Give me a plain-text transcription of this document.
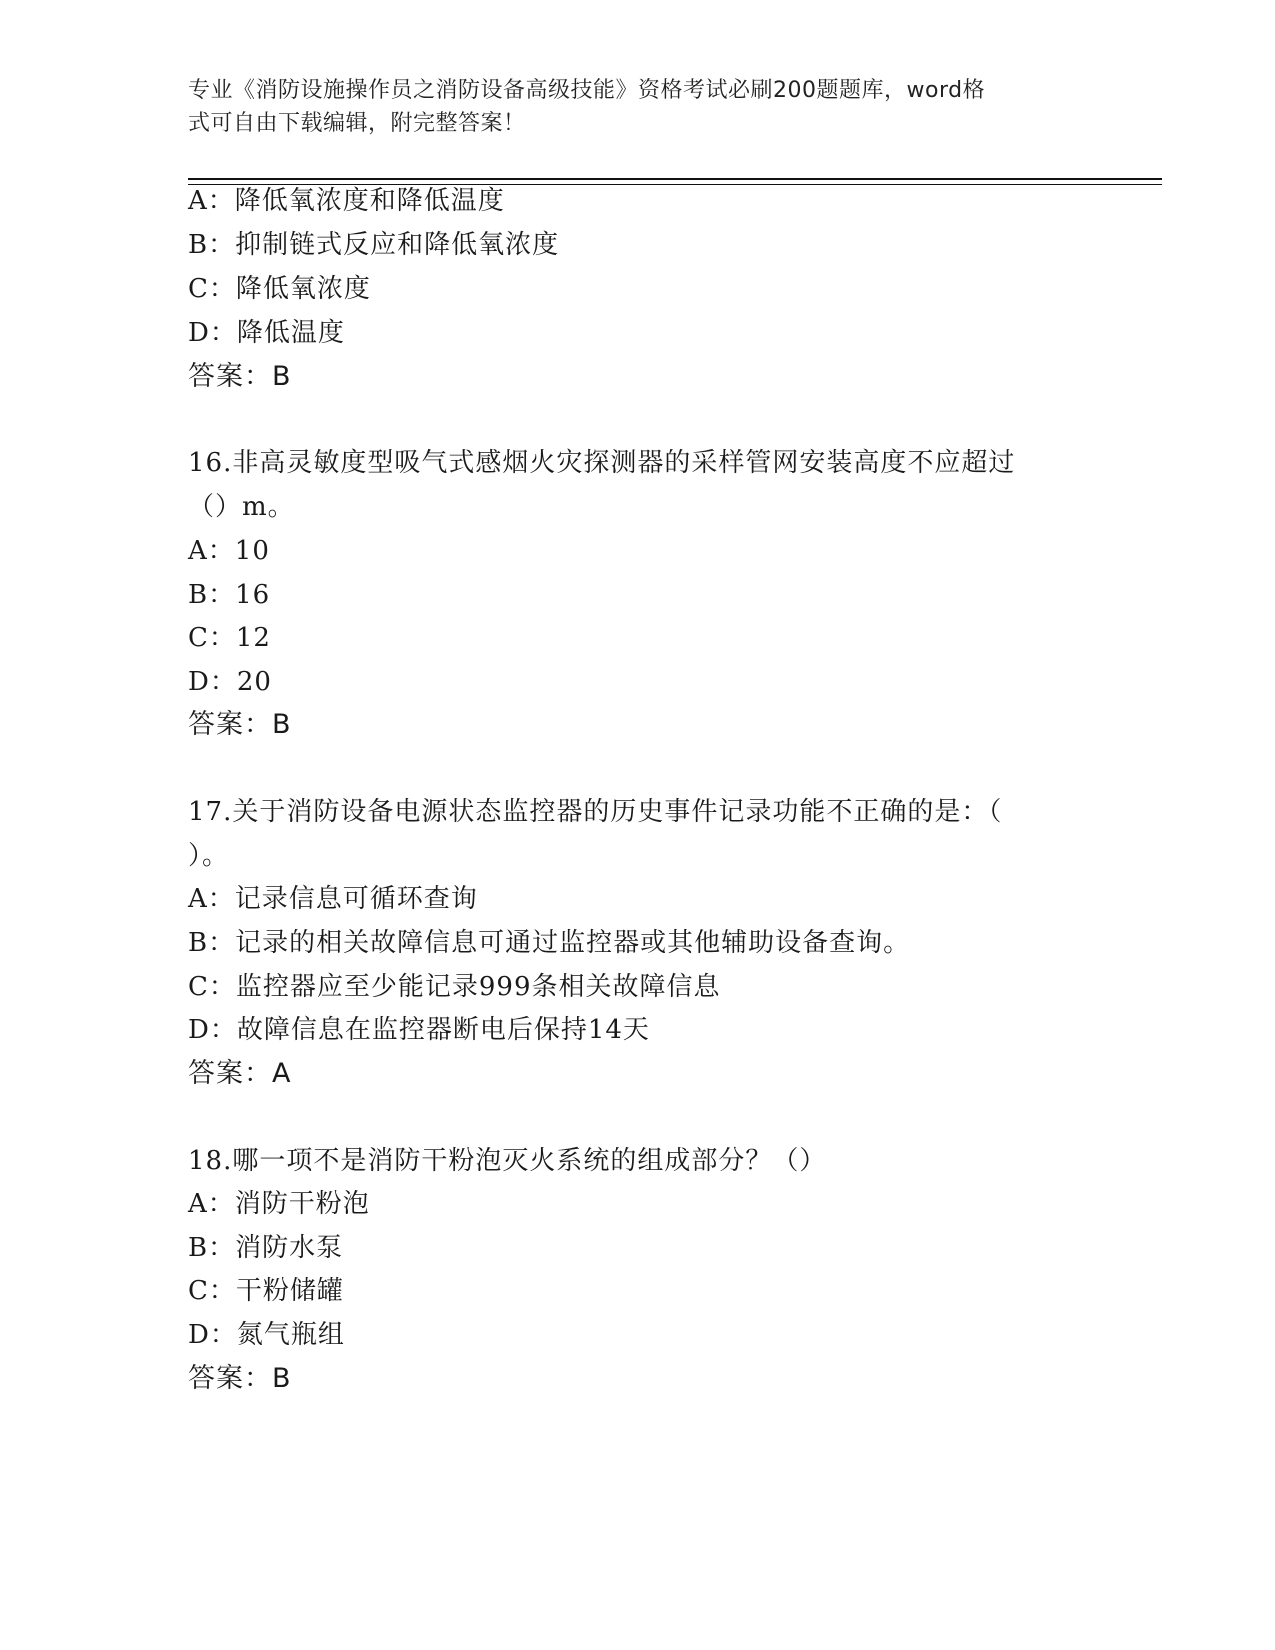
专业《消防设施操作员之消防设备高级技能》资格考试必刷200题题库，word格
式可自由下载编辑，附完整答案！
A：降低氧浓度和降低温度
B：抑制链式反应和降低氧浓度
C：降低氧浓度
D：降低温度
答案：B
16.非高灵敏度型吸气式感烟火灾探测器的采样管网安装高度不应超过
（）m。
A：10
B：16
C：12
D：20
答案：B
17.关于消防设备电源状态监控器的历史事件记录功能不正确的是：（
）。
A：记录信息可循环查询
B：记录的相关故障信息可通过监控器或其他辅助设备查询。
C：监控器应至少能记录999条相关故障信息
D：故障信息在监控器断电后保持14天
答案：A
18.哪一项不是消防干粉泡灭火系统的组成部分？（）
A：消防干粉泡
B：消防水泵
C：干粉储罐
D：氮气瓶组
答案：B
